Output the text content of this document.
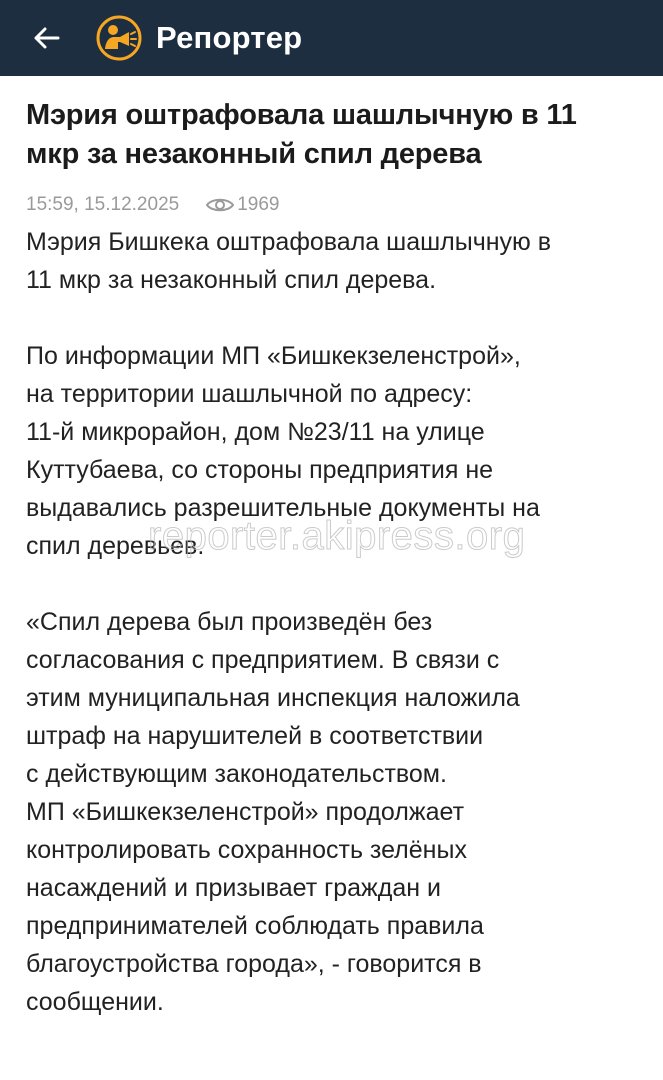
Репортер
Мэрия оштрафовала шашлычную в 11
мкр за незаконный спил дерева
15:59, 15.12.2025	1969

Мэрия Бишкека оштрафовала шашлычную в
11 мкр за незаконный спил дерева.

По информации МП «Бишкекзеленстрой»,
на территории шашлычной по адресу:
11-й микрорайон, дом №23/11 на улице
Куттубаева, со стороны предприятия не
выдавались разрешительные документы на
спил деревьев.

«Спил дерева был произведён без
согласования с предприятием. В связи с
этим муниципальная инспекция наложила
штраф на нарушителей в соответствии
с действующим законодательством.
МП «Бишкекзеленстрой» продолжает
контролировать сохранность зелёных
насаждений и призывает граждан и
предпринимателей соблюдать правила
благоустройства города», - говорится в
сообщении.

reporter.akipress.org
